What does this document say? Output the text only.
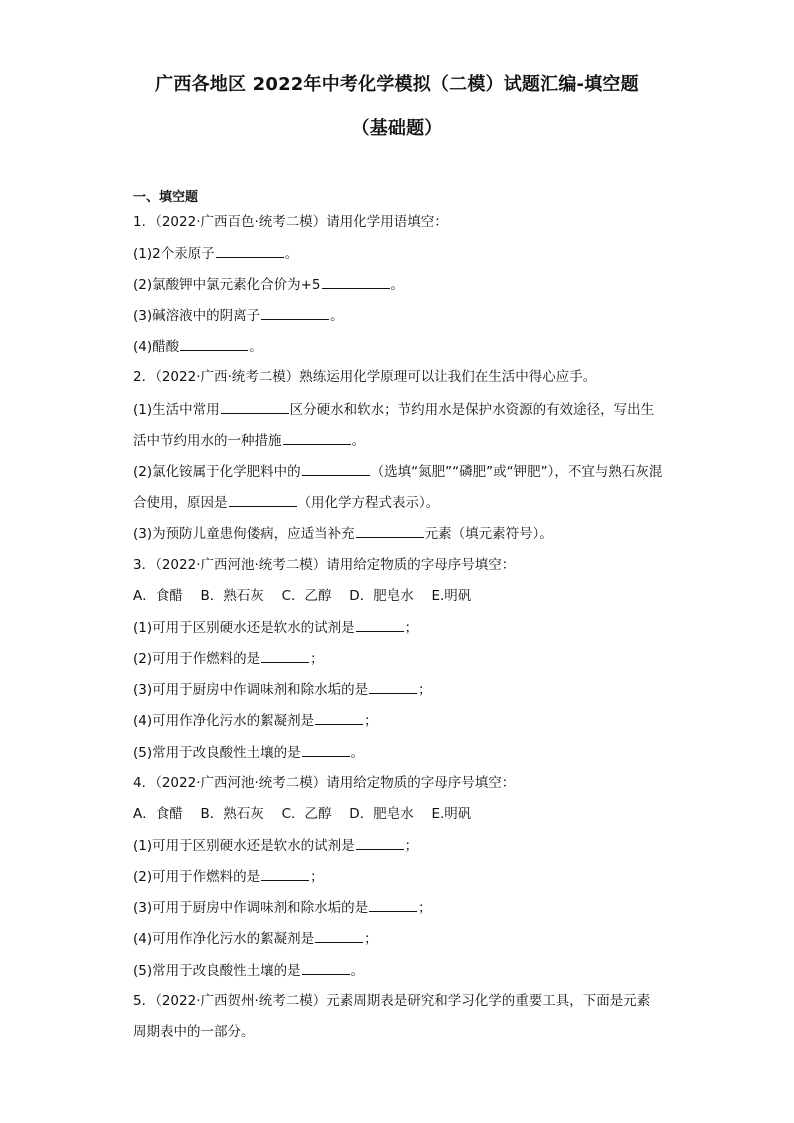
广西各地区 2022年中考化学模拟（二模）试题汇编-填空题
（基础题）
一、填空题
1．（2022·广西百色·统考二模）请用化学用语填空：
(1)2个汞原子	。
(2)氯酸钾中氯元素化合价为+5	。
(3)碱溶液中的阴离子	。
(4)醋酸	。
2．（2022·广西·统考二模）熟练运用化学原理可以让我们在生活中得心应手。
(1)生活中常用	区分硬水和软水；节约用水是保护水资源的有效途径，写出生
活中节约用水的一种措施	。
(2)氯化铵属于化学肥料中的	（选填“氮肥”“磷肥”或“钾肥”），不宜与熟石灰混
合使用，原因是	（用化学方程式表示）。
(3)为预防儿童患佝偻病，应适当补充	元素（填元素符号）。
3．（2022·广西河池·统考二模）请用给定物质的字母序号填空：
A．食醋　 B．熟石灰　 C．乙醇　 D．肥皂水　 E.明矾
(1)可用于区别硬水还是软水的试剂是	；
(2)可用于作燃料的是	；
(3)可用于厨房中作调味剂和除水垢的是	；
(4)可用作净化污水的絮凝剂是	；
(5)常用于改良酸性土壤的是	。
4．（2022·广西河池·统考二模）请用给定物质的字母序号填空：
A．食醋　 B．熟石灰　 C．乙醇　 D．肥皂水　 E.明矾
(1)可用于区别硬水还是软水的试剂是	；
(2)可用于作燃料的是	；
(3)可用于厨房中作调味剂和除水垢的是	；
(4)可用作净化污水的絮凝剂是	；
(5)常用于改良酸性土壤的是	。
5．（2022·广西贺州·统考二模）元素周期表是研究和学习化学的重要工具，下面是元素
周期表中的一部分。
